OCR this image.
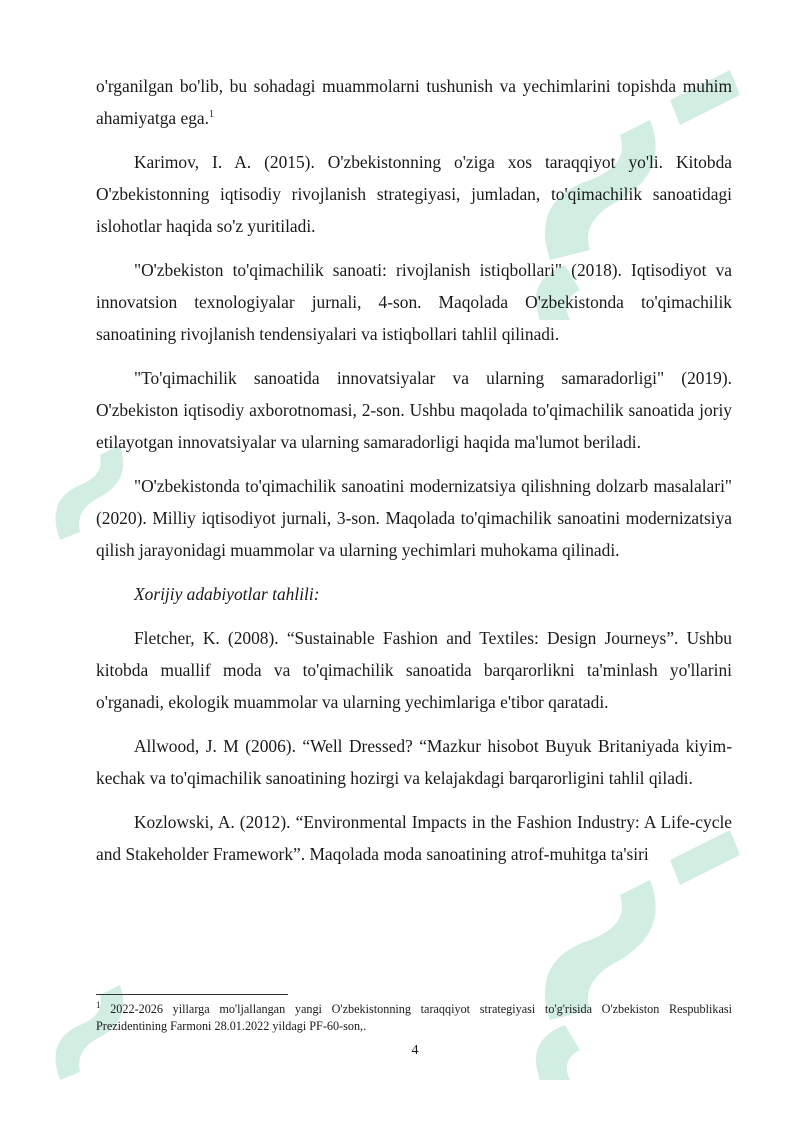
o'rganilgan bo'lib, bu sohadagi muammolarni tushunish va yechimlarini topishda muhim ahamiyatga ega.$^1$

Karimov, I. A. (2015). O'zbekistonning o'ziga xos taraqqiyot yo'li. Kitobda O'zbekistonning iqtisodiy rivojlanish strategiyasi, jumladan, to'qimachilik sanoatidagi islohotlar haqida so'z yuritiladi.

"O'zbekiston to'qimachilik sanoati: rivojlanish istiqbollari" (2018). Iqtisodiyot va innovatsion texnologiyalar jurnali, 4-son. Maqolada O'zbekistonda to'qimachilik sanoatining rivojlanish tendensiyalari va istiqbollari tahlil qilinadi.

"To'qimachilik sanoatida innovatsiyalar va ularning samaradorligi" (2019). O'zbekiston iqtisodiy axborotnomasi, 2-son. Ushbu maqolada to'qimachilik sanoatida joriy etilayotgan innovatsiyalar va ularning samaradorligi haqida ma'lumot beriladi.

"O'zbekistonda to'qimachilik sanoatini modernizatsiya qilishning dolzarb masalalari" (2020). Milliy iqtisodiyot jurnali, 3-son. Maqolada to'qimachilik sanoatini modernizatsiya qilish jarayonidagi muammolar va ularning yechimlari muhokama qilinadi.

Xorijiy adabiyotlar tahlili:

Fletcher, K. (2008). “Sustainable Fashion and Textiles: Design Journeys”. Ushbu kitobda muallif moda va to'qimachilik sanoatida barqarorlikni ta'minlash yo'llarini o'rganadi, ekologik muammolar va ularning yechimlariga e'tibor qaratadi.

Allwood, J. M (2006). “Well Dressed? “Mazkur hisobot Buyuk Britaniyada kiyim-kechak va to'qimachilik sanoatining hozirgi va kelajakdagi barqarorligini tahlil qiladi.

Kozlowski, A. (2012). “Environmental Impacts in the Fashion Industry: A Life-cycle and Stakeholder Framework”. Maqolada moda sanoatining atrof-muhitga ta'siri

$^1$ 2022-2026 yillarga mo'ljallangan yangi O'zbekistonning taraqqiyot strategiyasi to'g'risida O'zbekiston Respublikasi Prezidentining Farmoni 28.01.2022 yildagi PF-60-son,.
4
